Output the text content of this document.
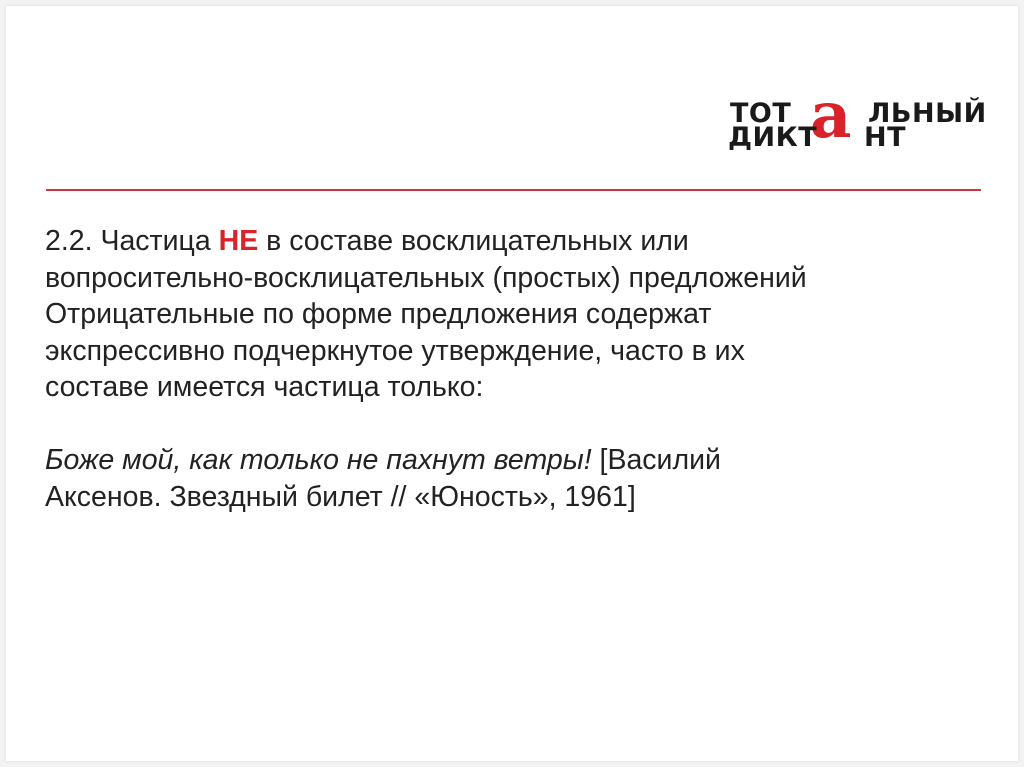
ТОТ а ЛЬНЫЙ
ДИКТ НТ

2.2. Частица НЕ в составе восклицательных или

вопросительно-восклицательных (простых) предложений

Отрицательные по форме предложения содержат

экспрессивно подчеркнутое утверждение, часто в их

составе имеется частица только:

Боже мой, как только не пахнут ветры! [Василий

Аксенов. Звездный билет // «Юность», 1961]
